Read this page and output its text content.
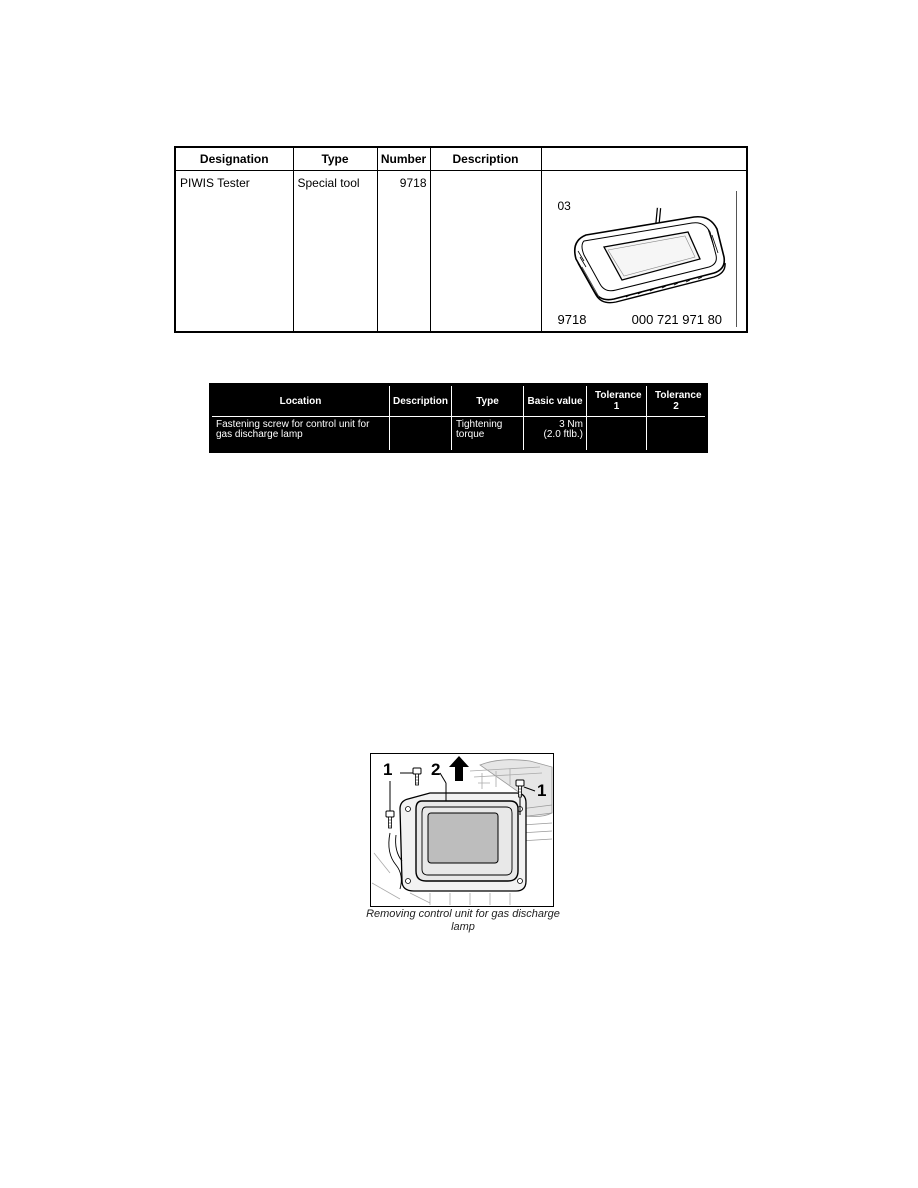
Designation	Type	Number	Description	
PIWIS Tester	Special tool	9718		03
9718 000 721 971 80
Location	Description	Type	Basic value	Tolerance 1	Tolerance 2
Fastening screw for control unit for gas discharge lamp		Tightening torque	3 Nm
(2.0 ftlb.)		

1 2
1
Removing control unit for gas discharge lamp
